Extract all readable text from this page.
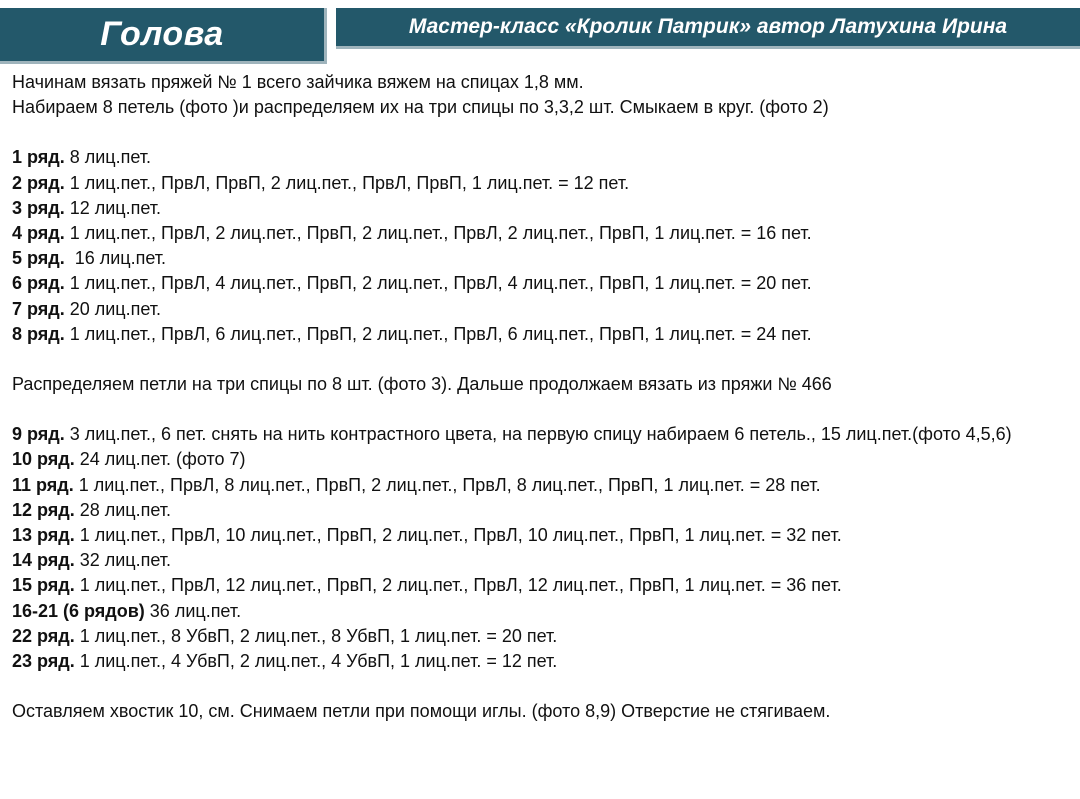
Голова	Мастер-класс «Кролик Патрик» автор Латухина Ирина

Начинам вязать пряжей № 1 всего зайчика вяжем на спицах 1,8 мм.

Набираем 8 петель (фото )и распределяем их на три спицы по 3,3,2 шт. Смыкаем в круг. (фото 2)

1 ряд. 8 лиц.пет.

2 ряд. 1 лиц.пет., ПрвЛ, ПрвП, 2 лиц.пет., ПрвЛ, ПрвП, 1 лиц.пет. = 12 пет.

3 ряд. 12 лиц.пет.

4 ряд. 1 лиц.пет., ПрвЛ, 2 лиц.пет., ПрвП, 2 лиц.пет., ПрвЛ, 2 лиц.пет., ПрвП, 1 лиц.пет. = 16 пет.

5 ряд.  16 лиц.пет.

6 ряд. 1 лиц.пет., ПрвЛ, 4 лиц.пет., ПрвП, 2 лиц.пет., ПрвЛ, 4 лиц.пет., ПрвП, 1 лиц.пет. = 20 пет.

7 ряд. 20 лиц.пет.

8 ряд. 1 лиц.пет., ПрвЛ, 6 лиц.пет., ПрвП, 2 лиц.пет., ПрвЛ, 6 лиц.пет., ПрвП, 1 лиц.пет. = 24 пет.

Распределяем петли на три спицы по 8 шт. (фото 3). Дальше продолжаем вязать из пряжи № 466

9 ряд. 3 лиц.пет., 6 пет. снять на нить контрастного цвета, на первую спицу набираем 6 петель., 15 лиц.пет.(фото 4,5,6)

10 ряд. 24 лиц.пет. (фото 7)

11 ряд. 1 лиц.пет., ПрвЛ, 8 лиц.пет., ПрвП, 2 лиц.пет., ПрвЛ, 8 лиц.пет., ПрвП, 1 лиц.пет. = 28 пет.

12 ряд. 28 лиц.пет.

13 ряд. 1 лиц.пет., ПрвЛ, 10 лиц.пет., ПрвП, 2 лиц.пет., ПрвЛ, 10 лиц.пет., ПрвП, 1 лиц.пет. = 32 пет.

14 ряд. 32 лиц.пет.

15 ряд. 1 лиц.пет., ПрвЛ, 12 лиц.пет., ПрвП, 2 лиц.пет., ПрвЛ, 12 лиц.пет., ПрвП, 1 лиц.пет. = 36 пет.

16-21 (6 рядов) 36 лиц.пет.

22 ряд. 1 лиц.пет., 8 УбвП, 2 лиц.пет., 8 УбвП, 1 лиц.пет. = 20 пет.

23 ряд. 1 лиц.пет., 4 УбвП, 2 лиц.пет., 4 УбвП, 1 лиц.пет. = 12 пет.

Оставляем хвостик 10, см. Снимаем петли при помощи иглы. (фото 8,9) Отверстие не стягиваем.
